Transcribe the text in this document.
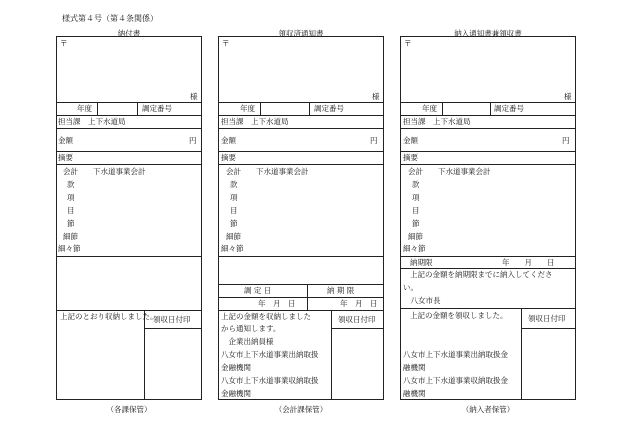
様式第４号（第４条関係）
納付書
〒
様
年度	調定番号
担当課　上下水道局
金額	円
摘要
会計　　下水道事業会計
款
項
目
節
細節
細々節
上記のとおり収納しました。
領収日付印
（各課保管）
領収済通知書
〒
様
年度	調定番号
担当課　上下水道局
金額	円
摘要
会計　　下水道事業会計
款
項
目
節
細節
細々節
調 定 日	納 期 限
年　月　日	年　月　日
上記の金額を収納しました
から通知します。
　企業出納員様
八女市上下水道事業出納取扱
金融機関
八女市上下水道事業収納取扱
金融機関
領収日付印
（会計課保管）
納入通知書兼領収書
〒
様
年度	調定番号
担当課　上下水道局
金額	円
摘要
会計　　下水道事業会計
款
項
目
節
細節
細々節
納期限	年　　月　　日
上記の金額を納期限までに納入してくださ
い。
　八女市長
上記の金額を領収しました。
八女市上下水道事業出納取扱金
融機関
八女市上下水道事業収納取扱金
融機関
領収日付印
（納入者保管）
